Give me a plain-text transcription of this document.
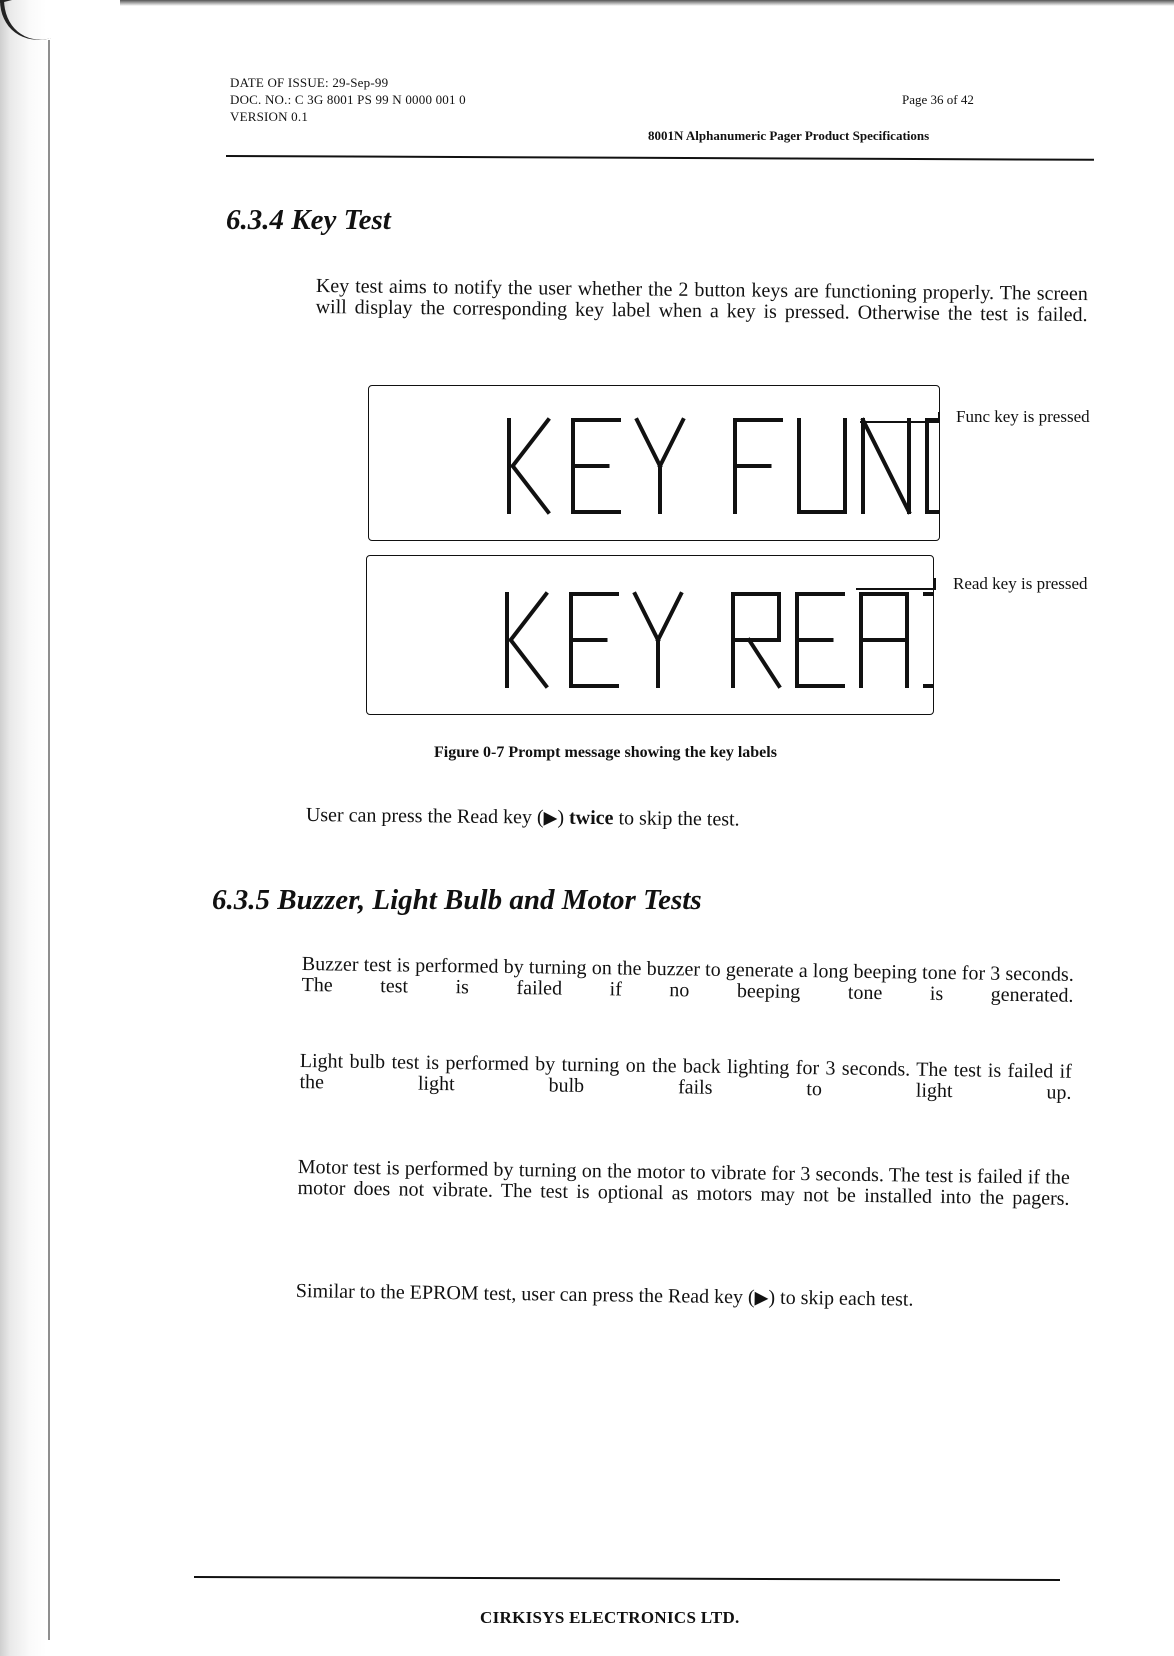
DATE OF ISSUE: 29-Sep-99
DOC. NO.: C 3G 8001 PS 99 N 0000 001 0
VERSION 0.1
Page 36 of 42
8001N Alphanumeric Pager Product Specifications
6.3.4 Key Test

Key test aims to notify the user whether the 2 button keys are functioning properly. The screen will display the corresponding key label when a key is pressed. Otherwise the test is failed.

Func key is pressed
Read key is pressed
Figure 0-7 Prompt message showing the key labels

User can press the Read key (▶) twice to skip the test.

6.3.5 Buzzer, Light Bulb and Motor Tests

Buzzer test is performed by turning on the buzzer to generate a long beeping tone for 3 seconds. The test is failed if no beeping tone is generated.

Light bulb test is performed by turning on the back lighting for 3 seconds. The test is failed if the light bulb fails to light up.

Motor test is performed by turning on the motor to vibrate for 3 seconds. The test is failed if the motor does not vibrate. The test is optional as motors may not be installed into the pagers.

Similar to the EPROM test, user can press the Read key (▶) to skip each test.

CIRKISYS ELECTRONICS LTD.
